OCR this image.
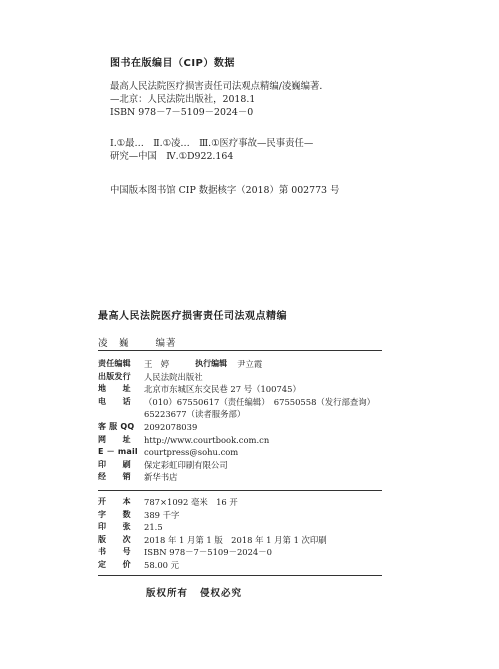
图书在版编目（CIP）数据
最高人民法院医疗损害责任司法观点精编/凌巍编著．
—北京：人民法院出版社，2018.1
ISBN 978－7－5109－2024－0
Ⅰ.①最…　Ⅱ.①凌…　Ⅲ.①医疗事故—民事责任—
研究—中国　Ⅳ.①D922.164
中国版本图书馆 CIP 数据核字（2018）第 002773 号
最高人民法院医疗损害责任司法观点精编
凌　巍	编著
责任编辑	王　婷	执行编辑 尹立霞
出版发行	人民法院出版社
地　　址	北京市东城区东交民巷 27 号（100745）
电　　话	（010）67550617（责任编辑）　67550558（发行部查询）
65223677（读者服务部）
客 服 QQ	2092078039
网　　址	http://www.courtbook.com.cn
E － mail courtpress@sohu.com
印　　刷	保定彩虹印刷有限公司
经　　销	新华书店
开　　本	787×1092 毫米　16 开
字　　数	389 千字
印　　张	21.5
版　　次	2018 年 1 月第 1 版　2018 年 1 月第 1 次印刷
书　　号	ISBN 978－7－5109－2024－0
定　　价	58.00 元
版权所有 侵权必究
